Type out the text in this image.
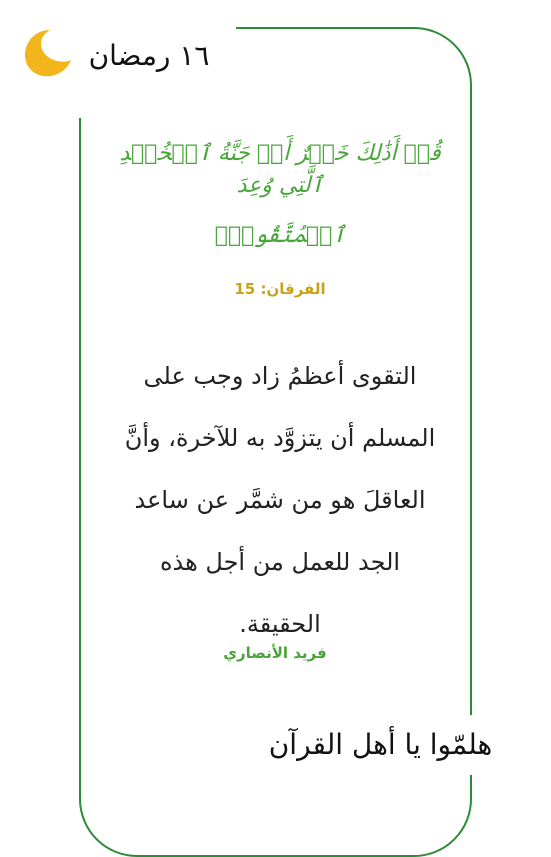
١٦ رمضان
قُلۡ أَذَٰلِكَ خَيۡرٌ أَمۡ جَنَّةُ ٱلۡخُلۡدِ ٱلَّتِي وُعِدَ
ٱلۡمُتَّقُونَۚ
الفرقان: 15
التقوى أعظمُ زاد وجب على
المسلم أن يتزوَّد به للآخرة، وأنَّ
العاقلَ هو من شمَّر عن ساعد
الجد للعمل من أجل هذه
الحقيقة.
فريد الأنصاري
هلمّوا يا أهل القرآن
